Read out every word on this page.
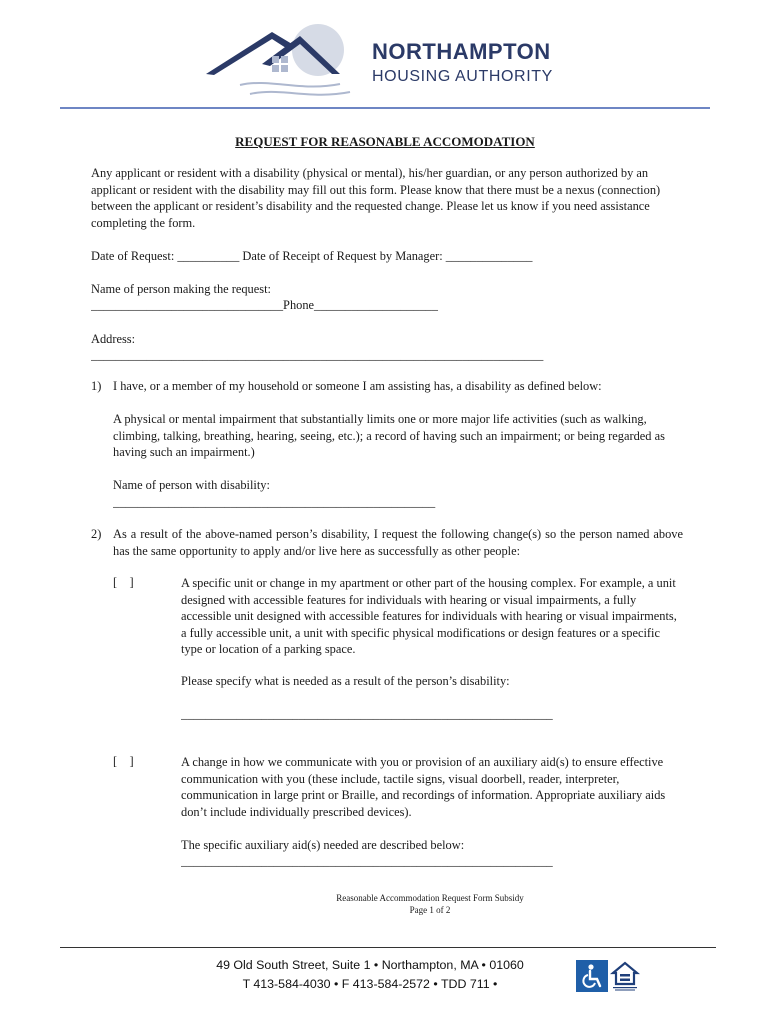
NORTHAMPTON
HOUSING AUTHORITY
REQUEST FOR REASONABLE ACCOMODATION
Any applicant or resident with a disability (physical or mental), his/her guardian, or any person authorized by an applicant or resident with the disability may fill out this form. Please know that there must be a nexus (connection) between the applicant or resident’s disability and the requested change. Please let us know if you need assistance completing the form.
Date of Request: __________ Date of Receipt of Request by Manager: ______________
Name of person making the request:
_______________________________Phone____________________
Address:
_________________________________________________________________________
1) I have, or a member of my household or someone I am assisting has, a disability as defined below:
A physical or mental impairment that substantially limits one or more major life activities (such as walking, climbing, talking, breathing, hearing, seeing, etc.); a record of having such an impairment; or being regarded as having such an impairment.)
Name of person with disability:
____________________________________________________
2) As a result of the above-named person’s disability, I request the following change(s) so the person named above has the same opportunity to apply and/or live here as successfully as other people:
[    ]	A specific unit or change in my apartment or other part of the housing complex. For example, a unit designed with accessible features for individuals with hearing or visual impairments, a fully accessible unit designed with accessible features for individuals with hearing or visual impairments, a fully accessible unit, a unit with specific physical modifications or design features or a specific type or location of a parking space.
Please specify what is needed as a result of the person’s disability:
____________________________________________________________
[    ]	A change in how we communicate with you or provision of an auxiliary aid(s) to ensure effective communication with you (these include, tactile signs, visual doorbell, reader, interpreter, communication in large print or Braille, and recordings of information. Appropriate auxiliary aids don’t include individually prescribed devices).
The specific auxiliary aid(s) needed are described below:
____________________________________________________________
Reasonable Accommodation Request Form Subsidy
Page 1 of 2
49 Old South Street, Suite 1 • Northampton, MA • 01060
T 413-584-4030 • F 413-584-2572 • TDD 711 •
